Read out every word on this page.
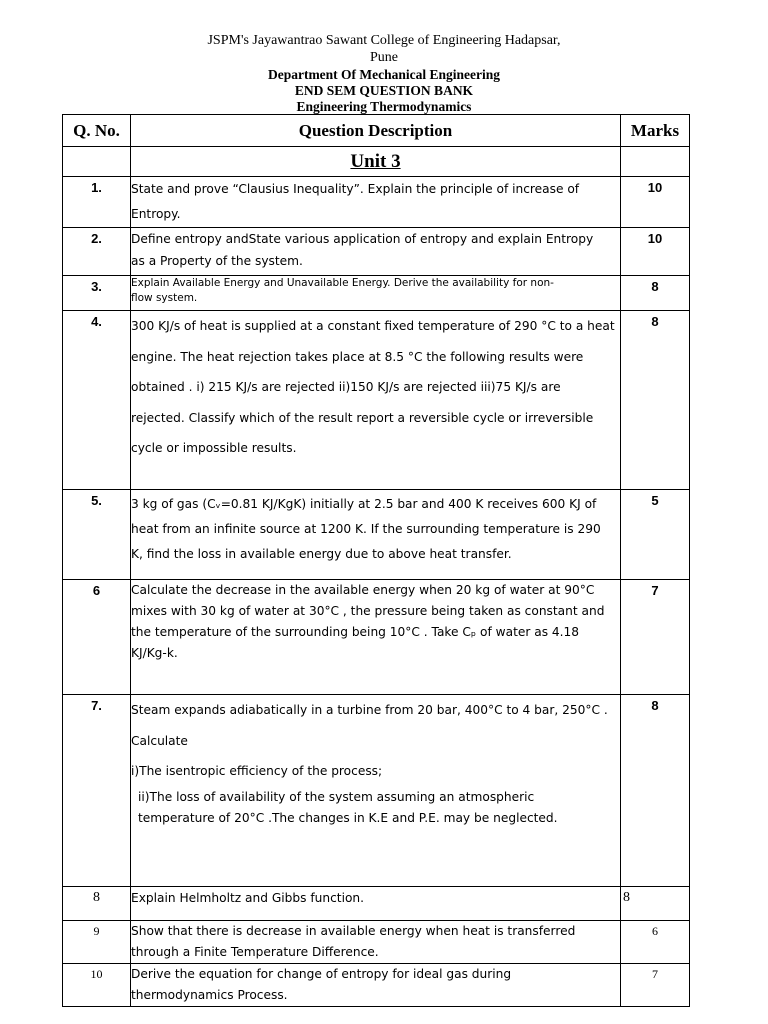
JSPM's Jayawantrao Sawant College of Engineering Hadapsar,
Pune
Department Of Mechanical Engineering
END SEM QUESTION BANK
Engineering Thermodynamics
Q. No.	Question Description	Marks
	Unit 3	
1.	State and prove “Clausius Inequality”. Explain the principle of increase of

Entropy.	10
2.	Define entropy andState various application of entropy and explain Entropy

as a Property of the system.	10
3.	Explain Available Energy and Unavailable Energy. Derive the availability for non-

flow system.	8
4.	300 KJ/s of heat is supplied at a constant fixed temperature of 290 °C to a heat

engine. The heat rejection takes place at 8.5 °C the following results were

obtained . i) 215 KJ/s are rejected ii)150 KJ/s are rejected iii)75 KJ/s are

rejected. Classify which of the result report a reversible cycle or irreversible

cycle or impossible results.	8
5.	3 kg of gas (Cᵥ=0.81 KJ/KgK) initially at 2.5 bar and 400 K receives 600 KJ of

heat from an infinite source at 1200 K. If the surrounding temperature is 290

K, find the loss in available energy due to above heat transfer.	5
6	Calculate the decrease in the available energy when 20 kg of water at 90°C

mixes with 30 kg of water at 30°C , the pressure being taken as constant and

the temperature of the surrounding being 10°C . Take Cₚ of water as 4.18

KJ/Kg-k.	7
7.	Steam expands adiabatically in a turbine from 20 bar, 400°C to 4 bar, 250°C .

Calculate

i)The isentropic efficiency of the process;

ii)The loss of availability of the system assuming an atmospheric

temperature of 20°C .The changes in K.E and P.E. may be neglected.	8
8	Explain Helmholtz and Gibbs function.	8
9	Show that there is decrease in available energy when heat is transferred

through a Finite Temperature Difference.	6
10	Derive the equation for change of entropy for ideal gas during

thermodynamics Process.	7
